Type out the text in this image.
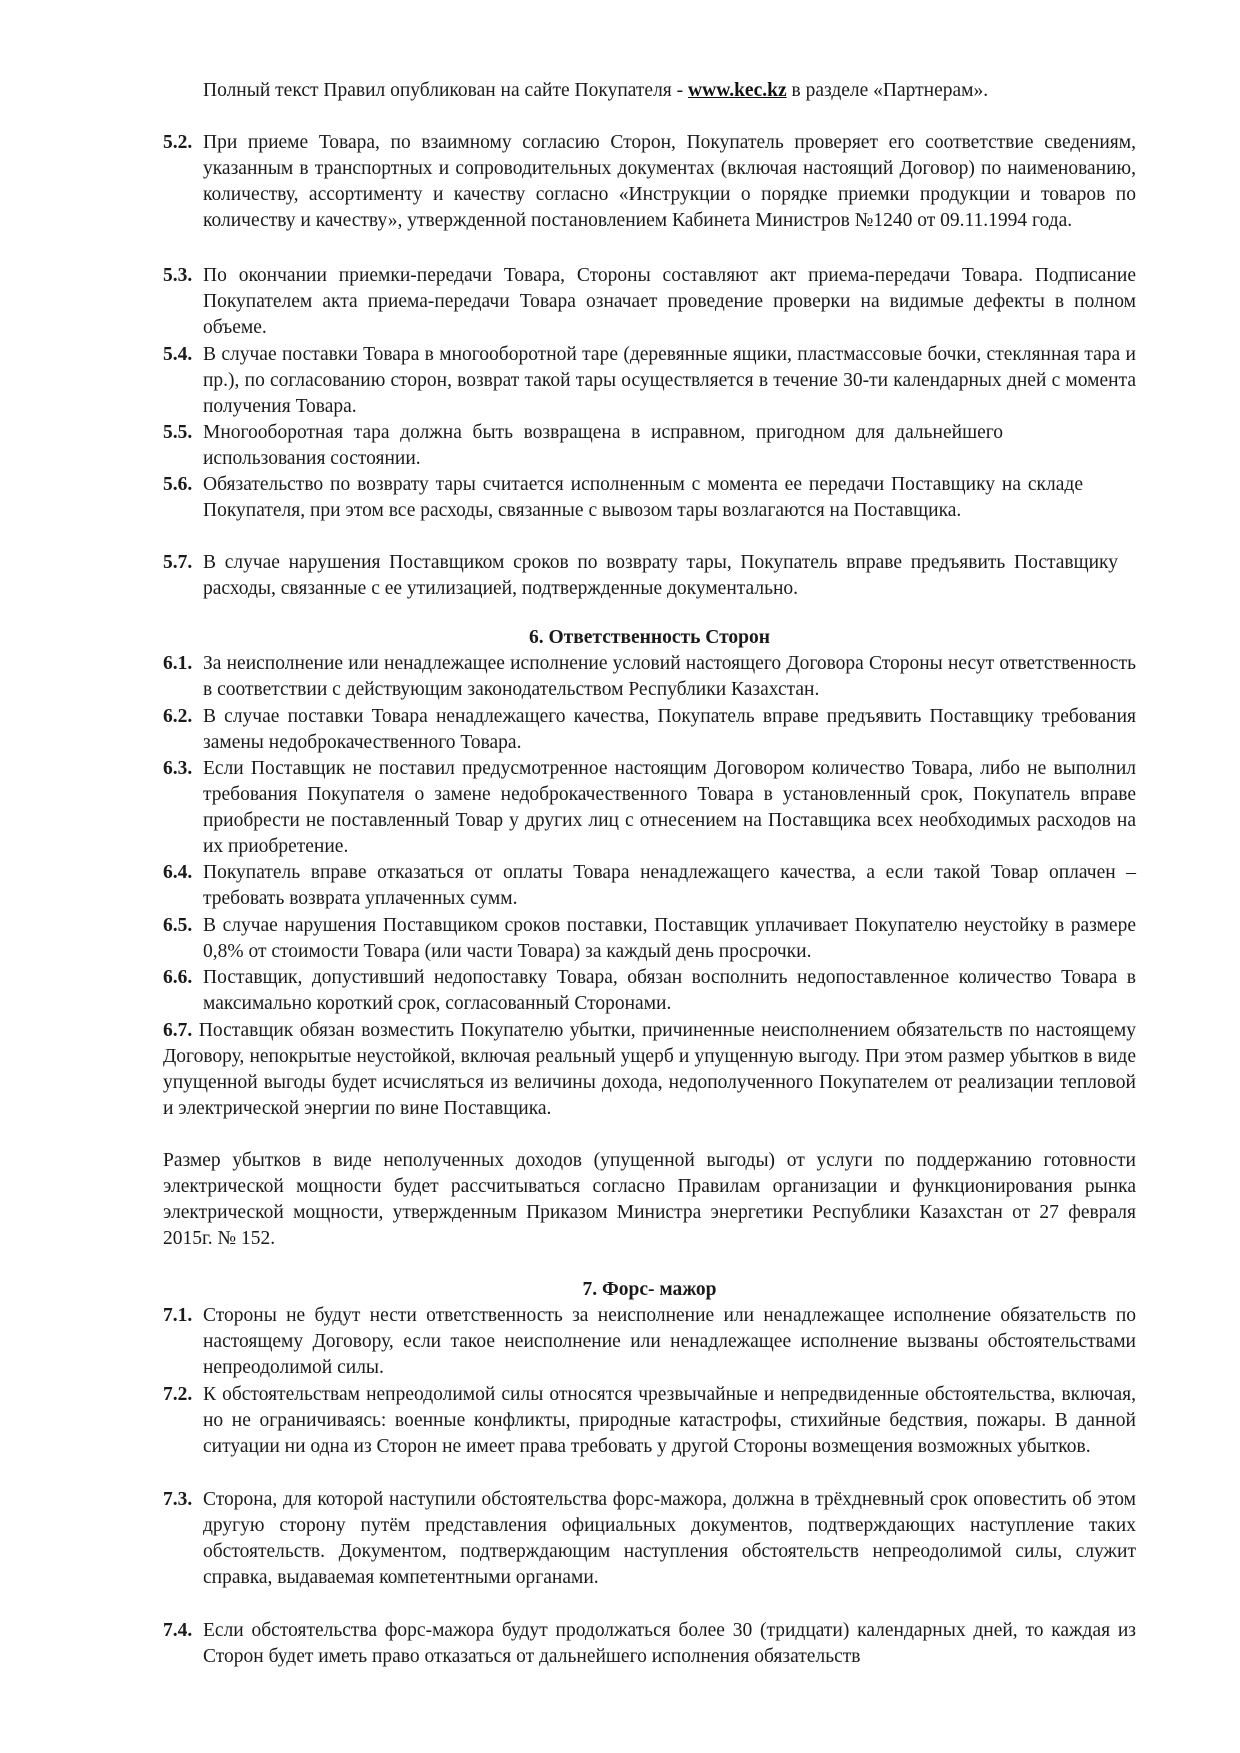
Полный текст Правил опубликован на сайте Покупателя - www.kec.kz в разделе «Партнерам».
5.2. При приеме Товара, по взаимному согласию Сторон, Покупатель проверяет его соответствие сведениям, указанным в транспортных и сопроводительных документах (включая настоящий Договор) по наименованию, количеству, ассортименту и качеству согласно «Инструкции о порядке приемки продукции и товаров по количеству и качеству», утвержденной постановлением Кабинета Министров №1240 от 09.11.1994 года.
5.3. По окончании приемки-передачи Товара, Стороны составляют акт приема-передачи Товара. Подписание Покупателем акта приема-передачи Товара означает проведение проверки на видимые дефекты в полном объеме.
5.4. В случае поставки Товара в многооборотной таре (деревянные ящики, пластмассовые бочки, стеклянная тара и пр.), по согласованию сторон, возврат такой тары осуществляется в течение 30-ти календарных дней с момента получения Товара.
5.5. Многооборотная тара должна быть возвращена в исправном, пригодном для дальнейшего использования состоянии.
5.6. Обязательство по возврату тары считается исполненным с момента ее передачи Поставщику на складе Покупателя, при этом все расходы, связанные с вывозом тары возлагаются на Поставщика.
5.7. В случае нарушения Поставщиком сроков по возврату тары, Покупатель вправе предъявить Поставщику расходы, связанные с ее утилизацией, подтвержденные документально.
6. Ответственность Сторон
6.1. За неисполнение или ненадлежащее исполнение условий настоящего Договора Стороны несут ответственность в соответствии с действующим законодательством Республики Казахстан.
6.2. В случае поставки Товара ненадлежащего качества, Покупатель вправе предъявить Поставщику требования замены недоброкачественного Товара.
6.3. Если Поставщик не поставил предусмотренное настоящим Договором количество Товара, либо не выполнил требования Покупателя о замене недоброкачественного Товара в установленный срок, Покупатель вправе приобрести не поставленный Товар у других лиц с отнесением на Поставщика всех необходимых расходов на их приобретение.
6.4. Покупатель вправе отказаться от оплаты Товара ненадлежащего качества, а если такой Товар оплачен – требовать возврата уплаченных сумм.
6.5. В случае нарушения Поставщиком сроков поставки, Поставщик уплачивает Покупателю неустойку в размере 0,8% от стоимости Товара (или части Товара) за каждый день просрочки.
6.6. Поставщик, допустивший недопоставку Товара, обязан восполнить недопоставленное количество Товара в максимально короткий срок, согласованный Сторонами.
6.7. Поставщик обязан возместить Покупателю убытки, причиненные неисполнением обязательств по настоящему Договору, непокрытые неустойкой, включая реальный ущерб и упущенную выгоду. При этом размер убытков в виде упущенной выгоды будет исчисляться из величины дохода, недополученного Покупателем от реализации тепловой и электрической энергии по вине Поставщика.
Размер убытков в виде неполученных доходов (упущенной выгоды) от услуги по поддержанию готовности электрической мощности будет рассчитываться согласно Правилам организации и функционирования рынка электрической мощности, утвержденным Приказом Министра энергетики Республики Казахстан от 27 февраля 2015г. № 152.
7. Форс- мажор
7.1. Стороны не будут нести ответственность за неисполнение или ненадлежащее исполнение обязательств по настоящему Договору, если такое неисполнение или ненадлежащее исполнение вызваны обстоятельствами непреодолимой силы.
7.2. К обстоятельствам непреодолимой силы относятся чрезвычайные и непредвиденные обстоятельства, включая, но не ограничиваясь: военные конфликты, природные катастрофы, стихийные бедствия, пожары. В данной ситуации ни одна из Сторон не имеет права требовать у другой Стороны возмещения возможных убытков.
7.3. Сторона, для которой наступили обстоятельства форс-мажора, должна в трёхдневный срок оповестить об этом другую сторону путём представления официальных документов, подтверждающих наступление таких обстоятельств. Документом, подтверждающим наступления обстоятельств непреодолимой силы, служит справка, выдаваемая компетентными органами.
7.4. Если обстоятельства форс-мажора будут продолжаться более 30 (тридцати) календарных дней, то каждая из Сторон будет иметь право отказаться от дальнейшего исполнения обязательств
